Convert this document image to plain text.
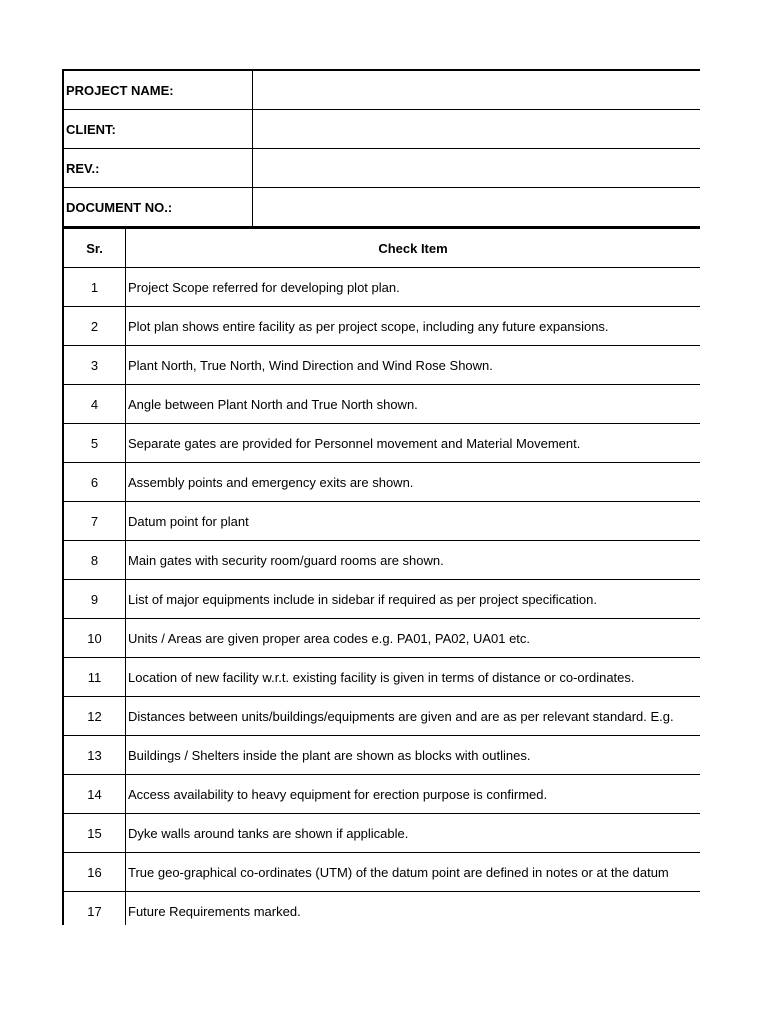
PROJECT NAME:	
CLIENT:	
REV.:	
DOCUMENT NO.:	
Sr.	Check Item
1	Project Scope referred for developing plot plan.
2	Plot plan shows entire facility as per project scope, including any future expansions.
3	Plant North, True North, Wind Direction and Wind Rose Shown.
4	Angle between Plant North and True North shown.
5	Separate gates are provided for Personnel movement and Material Movement.
6	Assembly points and emergency exits are shown.
7	Datum point for plant
8	Main gates with security room/guard rooms are shown.
9	List of major equipments include in sidebar if required as per project specification.
10	Units / Areas are given proper area codes e.g. PA01, PA02, UA01 etc.
11	Location of new facility w.r.t. existing facility is given in terms of distance or co-ordinates.
12	Distances between units/buildings/equipments are given and are as per relevant standard. E.g.
13	Buildings / Shelters inside the plant are shown as blocks with outlines.
14	Access availability to heavy equipment for erection purpose is confirmed.
15	Dyke walls around tanks are shown if applicable.
16	True geo-graphical co-ordinates (UTM) of the datum point are defined in notes or at the datum
17	Future Requirements marked.
